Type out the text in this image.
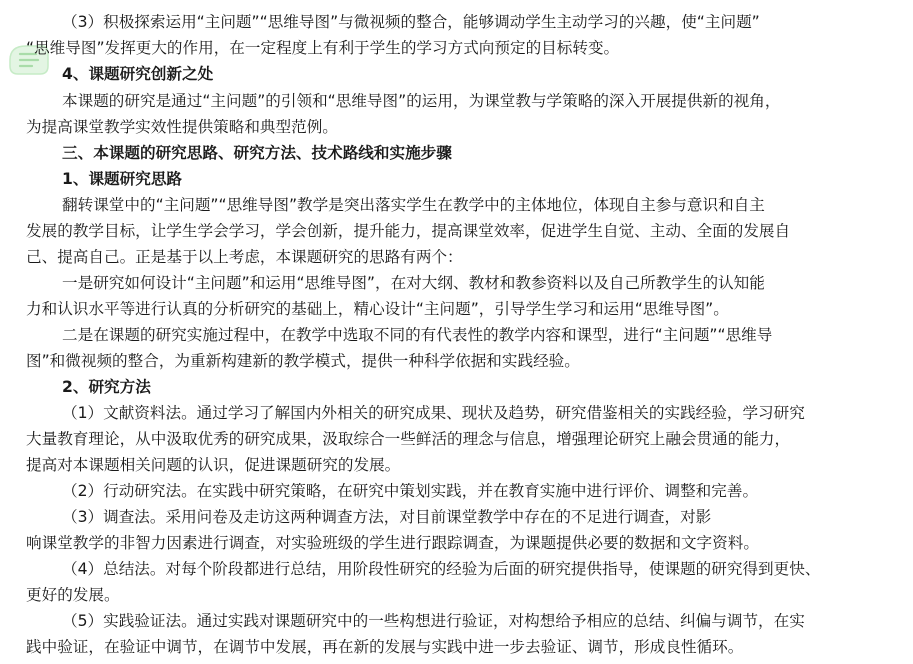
（3）积极探索运用“主问题”“思维导图”与微视频的整合，能够调动学生主动学习的兴趣，使“主问题”
“思维导图”发挥更大的作用，在一定程度上有利于学生的学习方式向预定的目标转变。
4、课题研究创新之处
本课题的研究是通过“主问题”的引领和“思维导图”的运用，为课堂教与学策略的深入开展提供新的视角，
为提高课堂教学实效性提供策略和典型范例。
三、本课题的研究思路、研究方法、技术路线和实施步骤
1、课题研究思路
翻转课堂中的“主问题”“思维导图”教学是突出落实学生在教学中的主体地位，体现自主参与意识和自主
发展的教学目标，让学生学会学习，学会创新，提升能力，提高课堂效率，促进学生自觉、主动、全面的发展自
己、提高自己。正是基于以上考虑，本课题研究的思路有两个：
一是研究如何设计“主问题”和运用“思维导图”，在对大纲、教材和教参资料以及自己所教学生的认知能
力和认识水平等进行认真的分析研究的基础上，精心设计“主问题”，引导学生学习和运用“思维导图”。
二是在课题的研究实施过程中，在教学中选取不同的有代表性的教学内容和课型，进行“主问题”“思维导
图”和微视频的整合，为重新构建新的教学模式，提供一种科学依据和实践经验。
2、研究方法
（1）文献资料法。通过学习了解国内外相关的研究成果、现状及趋势，研究借鉴相关的实践经验，学习研究
大量教育理论，从中汲取优秀的研究成果，汲取综合一些鲜活的理念与信息，增强理论研究上融会贯通的能力，
提高对本课题相关问题的认识，促进课题研究的发展。
（2）行动研究法。在实践中研究策略，在研究中策划实践，并在教育实施中进行评价、调整和完善。
（3）调查法。采用问卷及走访这两种调查方法，对目前课堂教学中存在的不足进行调查，对影
响课堂教学的非智力因素进行调查，对实验班级的学生进行跟踪调查，为课题提供必要的数据和文字资料。
（4）总结法。对每个阶段都进行总结，用阶段性研究的经验为后面的研究提供指导，使课题的研究得到更快、
更好的发展。
（5）实践验证法。通过实践对课题研究中的一些构想进行验证，对构想给予相应的总结、纠偏与调节，在实
践中验证，在验证中调节，在调节中发展，再在新的发展与实践中进一步去验证、调节，形成良性循环。
